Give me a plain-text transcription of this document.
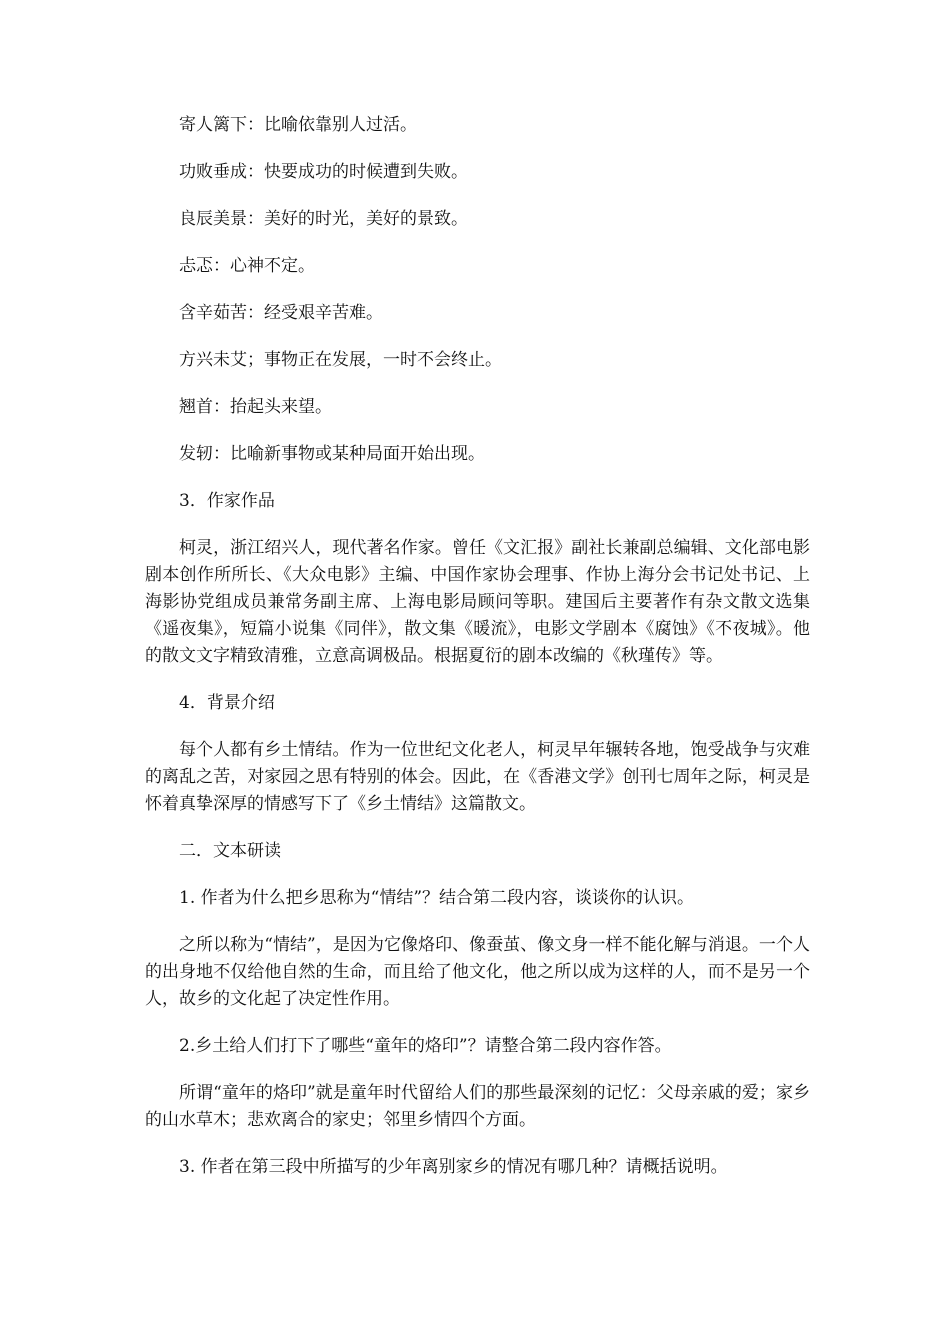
寄人篱下：比喻依靠别人过活。

功败垂成：快要成功的时候遭到失败。

良辰美景：美好的时光，美好的景致。

忐忑：心神不定。

含辛茹苦：经受艰辛苦难。

方兴未艾；事物正在发展，一时不会终止。

翘首：抬起头来望。

发轫：比喻新事物或某种局面开始出现。

3．作家作品

柯灵，浙江绍兴人，现代著名作家。曾任《文汇报》副社长兼副总编辑、文化部电影剧本创作所所长、《大众电影》主编、中国作家协会理事、作协上海分会书记处书记、上海影协党组成员兼常务副主席、上海电影局顾问等职。建国后主要著作有杂文散文选集《遥夜集》，短篇小说集《同伴》，散文集《暖流》，电影文学剧本《腐蚀》《不夜城》。他的散文文字精致清雅，立意高调极品。根据夏衍的剧本改编的《秋瑾传》等。

4．背景介绍

每个人都有乡土情结。作为一位世纪文化老人，柯灵早年辗转各地，饱受战争与灾难的离乱之苦，对家园之思有特别的体会。因此，在《香港文学》创刊七周年之际，柯灵是怀着真挚深厚的情感写下了《乡土情结》这篇散文。

二．文本研读

1. 作者为什么把乡思称为“情结”？结合第二段内容，谈谈你的认识。

之所以称为“情结”，是因为它像烙印、像蚕茧、像文身一样不能化解与消退。一个人的出身地不仅给他自然的生命，而且给了他文化，他之所以成为这样的人，而不是另一个人，故乡的文化起了决定性作用。

2.乡土给人们打下了哪些“童年的烙印”？请整合第二段内容作答。

所谓“童年的烙印”就是童年时代留给人们的那些最深刻的记忆：父母亲戚的爱；家乡的山水草木；悲欢离合的家史；邻里乡情四个方面。

3. 作者在第三段中所描写的少年离别家乡的情况有哪几种？请概括说明。
